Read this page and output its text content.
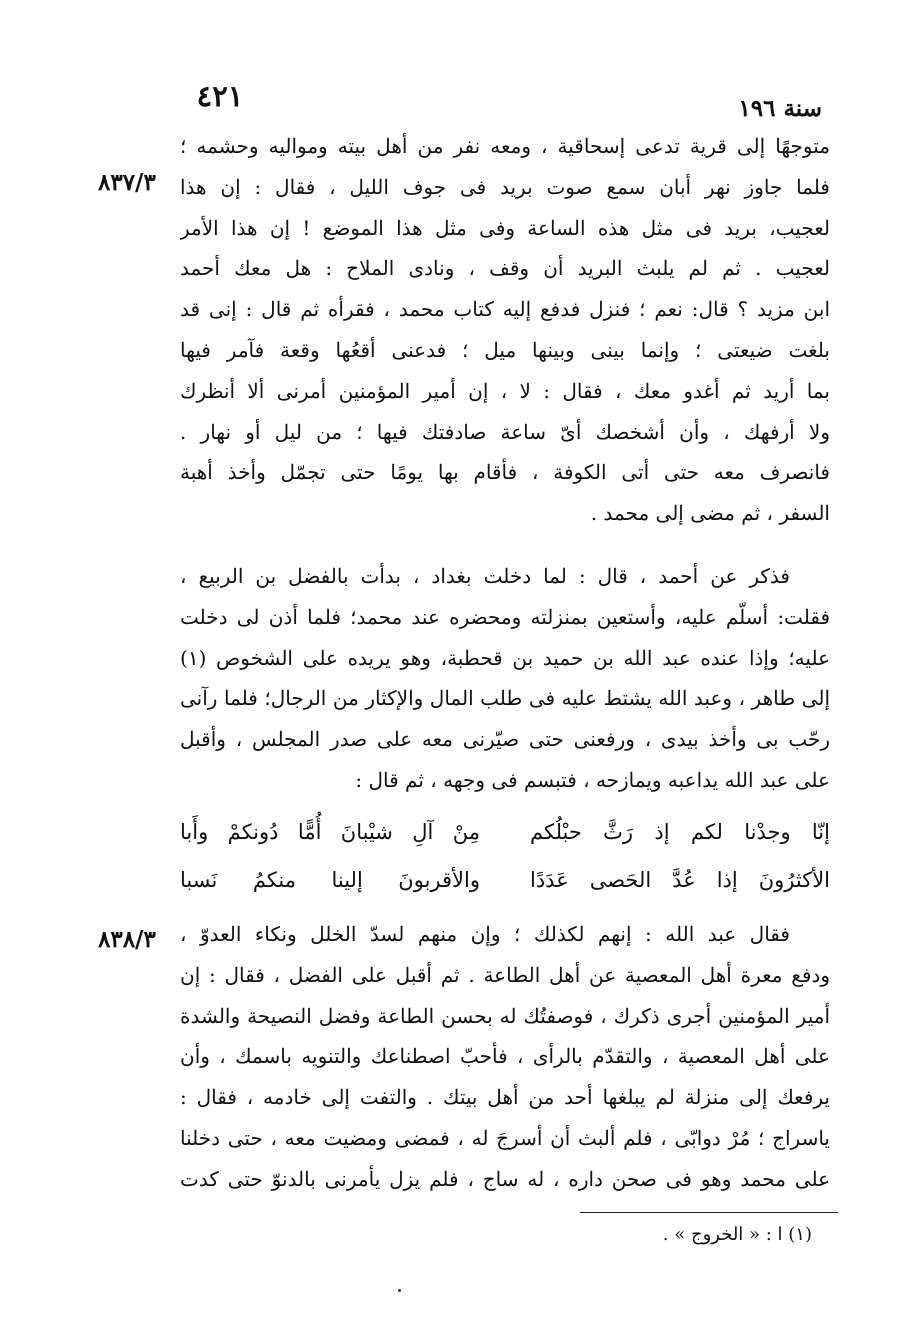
٤٢١	سنة ١٩٦
٨٣٧/٣
٨٣٨/٣
متوجهًا إلى قرية تدعى إسحاقية ، ومعه نفر من أهل بيته ومواليه وحشمه ؛
فلما جاوز نهر أبان سمع صوت بريد فى جوف الليل ، فقال : إن هذا
لعجيب، بريد فى مثل هذه الساعة وفى مثل هذا الموضع ! إن هذا الأمر
لعجيب . ثم لم يلبث البريد أن وقف ، ونادى الملاح : هل معك أحمد
ابن مزيد ؟ قال: نعم ؛ فنزل فدفع إليه كتاب محمد ، فقرأه ثم قال : إنى قد
بلغت ضيعتى ؛ وإنما بينى وبينها ميل ؛ فدعنى أقعُها وقعة فآمر فيها
بما أريد ثم أغدو معك ، فقال : لا ، إن أمير المؤمنين أمرنى ألا أنظرك
ولا أرفهك ، وأن أشخصك أىّ ساعة صادفتك فيها ؛ من ليل أو نهار .
فانصرف معه حتى أتى الكوفة ، فأقام بها يومًا حتى تجمّل وأخذ أهبة
السفر ، ثم مضى إلى محمد .
فذكر عن أحمد ، قال : لما دخلت بغداد ، بدأت بالفضل بن الربيع ،
فقلت: أسلّم عليه، وأستعين بمنزلته ومحضره عند محمد؛ فلما أذن لى دخلت
عليه؛ وإذا عنده عبد الله بن حميد بن قحطبة، وهو يريده على الشخوص (١)
إلى طاهر ، وعبد الله يشتط عليه فى طلب المال والإكثار من الرجال؛ فلما رآنى
رحّب بى وأخذ بيدى ، ورفعنى حتى صيّرنى معه على صدر المجلس ، وأقبل
على عبد الله يداعبه ويمازحه ، فتبسم فى وجهه ، ثم قال :
إنّا وجدْنا لكم إذ رَثَّ حبْلُكم
مِنْ آلِ شيْبانَ أُمًّا دُونكمْ وأَبا
الأكثرُونَ إذا عُدَّ الحَصى عَدَدًا
والأقربونَ إلينا منكمُ نَسبا
فقال عبد الله : إنهم لكذلك ؛ وإن منهم لسدّ الخلل ونكاء العدوّ ،
ودفع معرة أهل المعصية عن أهل الطاعة . ثم أقبل على الفضل ، فقال : إن
أمير المؤمنين أجرى ذكرك ، فوصفتُك له بحسن الطاعة وفضل النصيحة والشدة
على أهل المعصية ، والتقدّم بالرأى ، فأحبّ اصطناعك والتنويه باسمك ، وأن
يرفعك إلى منزلة لم يبلغها أحد من أهل بيتك . والتفت إلى خادمه ، فقال :
ياسراج ؛ مُرْ دوابّى ، فلم ألبث أن أسرجَ له ، فمضى ومضيت معه ، حتى دخلنا
على محمد وهو فى صحن داره ، له ساج ، فلم يزل يأمرنى بالدنوّ حتى كدت
(١) ا : « الخروج » .
